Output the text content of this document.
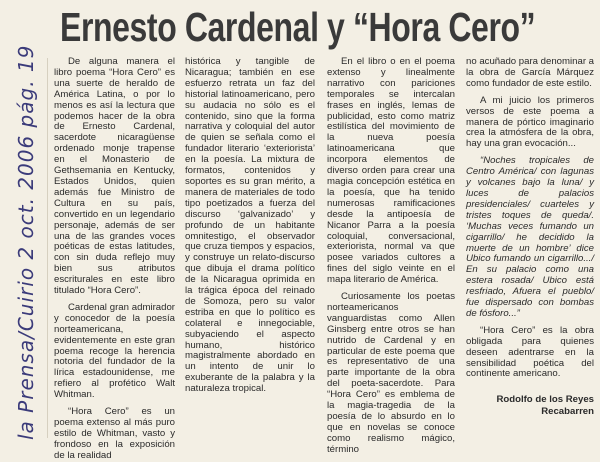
la Prensa/Cuirio 2 oct. 2006 pág. 19
Ernesto Cardenal y “Hora Cero”

De alguna manera el libro poema “Hora Cero” es una suerte de heraldo de América Latina, o por lo menos es así la lectura que podemos hacer de la obra de Ernesto Cardenal, sacerdote nicaragüense ordenado monje trapense en el Monasterio de Gethsemania en Kentucky, Estados Unidos, quien además fue Ministro de Cultura en su país, convertido en un legendario personaje, además de ser una de las grandes voces poéticas de estas latitudes, con sin duda reflejo muy bien sus atributos escriturales en este libro titulado “Hora Cero”.

Cardenal gran admirador y conocedor de la poesía norteamericana, evidentemente en este gran poema recoge la herencia notoria del fundador de la lírica estadounidense, me refiero al profético Walt Whitman.

“Hora Cero” es un poema extenso al más puro estilo de Whitman, vasto y frondoso en la exposición de la realidad

histórica y tangible de Nicaragua; también en ese esfuerzo retrata un faz del historial latinoamericano, pero su audacia no sólo es el contenido, sino que la forma narrativa y coloquial del autor de quien se señala como el fundador literario ‘exteriorista’ en la poesía. La mixtura de formatos, contenidos y soportes es su gran mérito, a manera de materiales de todo tipo poetizados a fuerza del discurso ‘galvanizado’ y profundo de un habitante omnitestigo, el observador que cruza tiempos y espacios, y construye un relato-discurso que dibuja el drama político de la Nicaragua oprimida en la trágica época del reinado de Somoza, pero su valor estriba en que lo político es colateral e innegociable, subyaciendo el aspecto humano, histórico magistralmente abordado en un intento de unir lo exuberante de la palabra y la naturaleza tropical.

En el libro o en el poema extenso y linealmente narrativo con pariciones temporales se intercalan frases en inglés, lemas de publicidad, esto como matriz estilística del movimiento de la nueva poesía latinoamericana que incorpora elementos de diverso orden para crear una magia concepción estética en la poesía, que ha tenido numerosas ramificaciones desde la antipoesía de Nicanor Parra a la poesía coloquial, conversacional, exteriorista, normal va que posee variados cultores a fines del siglo veinte en el mapa literario de América.

Curiosamente los poetas norteamericanos vanguardistas como Allen Ginsberg entre otros se han nutrido de Cardenal y en particular de este poema que es representativo de una parte importante de la obra del poeta-sacerdote. Para “Hora Cero” es emblema de la magia-tragedia de la poesía de lo absurdo en lo que en novelas se conoce como realismo mágico, término

no acuñado para denominar a la obra de García Márquez como fundador de este estilo.

A mi juicio los primeros versos de este poema a manera de pórtico imaginario crea la atmósfera de la obra, hay una gran evocación...

“Noches tropicales de Centro América/ con lagunas y volcanes bajo la luna/ y luces de palacios presidenciales/ cuarteles y tristes toques de queda/. ‘Muchas veces fumando un cigarrillo/ he decidido la muerte de un hombre’ dice Ubico fumando un cigarrillo.../ En su palacio como una estera rosada/ Ubico está resfriado, Afuera el pueblo/ fue dispersado con bombas de fósforo...”

“Hora Cero” es la obra obligada para quienes deseen adentrarse en la sensibilidad poética del continente americano.

Rodolfo de los Reyes
Recabarren
